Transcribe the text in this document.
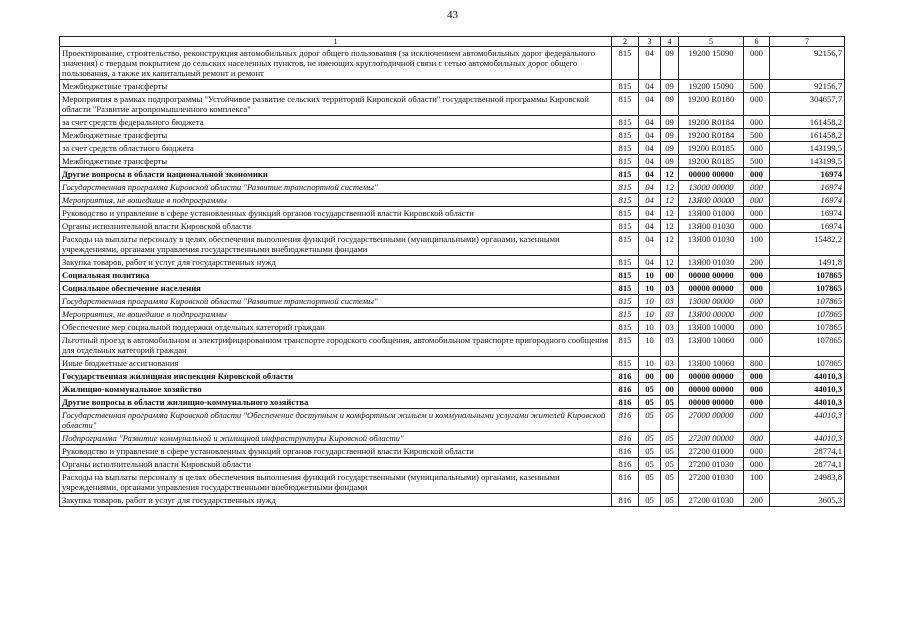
43
1	2	3	4	5	6	7
Проектирование, строительство, реконструкция автомобильных дорог общего пользования (за исключением автомобильных дорог федерального значения) с твердым покрытием до сельских населенных пунктов, не имеющих круглогодичной связи с сетью автомобильных дорог общего пользования, а также их капитальный ремонт и ремонт	815	04	09	19200 15090	000	92156,7
Межбюджетные трансферты	815	04	09	19200 15090	500	92156,7
Мероприятия в рамках подпрограммы "Устойчивое развитие сельских территорий Кировской области" государственной программы Кировской области "Развитие агропромышленного комплекса"	815	04	09	19200 R0180	000	304657,7
за счет средств федерального бюджета	815	04	09	19200 R0184	000	161458,2
Межбюджетные трансферты	815	04	09	19200 R0184	500	161458,2
за счет средств областного бюджета	815	04	09	19200 R0185	000	143199,5
Межбюджетные трансферты	815	04	09	19200 R0185	500	143199,5
Другие вопросы в области национальной экономики	815	04	12	00000 00000	000	16974
Государственная программа Кировской области "Развитие транспортной системы"	815	04	12	13000 00000	000	16974
Мероприятия, не вошедшие в подпрограммы	815	04	12	13Я00 00000	000	16974
Руководство и управление в сфере установленных функций органов государственной власти Кировской области	815	04	12	13Я00 01000	000	16974
Органы исполнительной власти Кировской области	815	04	12	13Я00 01030	000	16974
Расходы на выплаты персоналу в целях обеспечения выполнения функций государственными (муниципальными) органами, казенными учреждениями, органами управления государственными внебюджетными фондами	815	04	12	13Я00 01030	100	15482,2
Закупка товаров, работ и услуг для государственных нужд	815	04	12	13Я00 01030	200	1491,8
Социальная политика	815	10	00	00000 00000	000	107865
Социальное обеспечение населения	815	10	03	00000 00000	000	107865
Государственная программа Кировской области "Развитие транспортной системы"	815	10	03	13000 00000	000	107865
Мероприятия, не вошедшие в подпрограммы	815	10	03	13Я00 00000	000	107865
Обеспечение мер социальной поддержки отдельных категорий граждан	815	10	03	13Я00 10000	000	107865
Льготный проезд в автомобильном и электрифицированном транспорте городского сообщения, автомобильном транспорте пригородного сообщения для отдельных категорий граждан	815	10	03	13Я00 10060	000	107865
Иные бюджетные ассигнования	815	10	03	13Я00 10060	800	107865
Государственная жилищная инспекция Кировской области	816	00	00	00000 00000	000	44010,3
Жилищно-коммунальное хозяйство	816	05	00	00000 00000	000	44010,3
Другие вопросы в области жилищно-коммунального хозяйства	816	05	05	00000 00000	000	44010,3
Государственная программа Кировской области "Обеспечение доступным и комфортным жильем и коммунальными услугами жителей Кировской области"	816	05	05	27000 00000	000	44010,3
Подпрограмма "Развитие коммунальной и жилищной инфраструктуры Кировской области"	816	05	05	27200 00000	000	44010,3
Руководство и управление в сфере установленных функций органов государственной власти Кировской области	816	05	05	27200 01000	000	28774,1
Органы исполнительной власти Кировской области	816	05	05	27200 01030	000	28774,1
Расходы на выплаты персоналу в целях обеспечения выполнения функций государственными (муниципальными) органами, казенными учреждениями, органами управления государственными внебюджетными фондами	816	05	05	27200 01030	100	24983,8
Закупка товаров, работ и услуг для государственных нужд	816	05	05	27200 01030	200	3605,3
